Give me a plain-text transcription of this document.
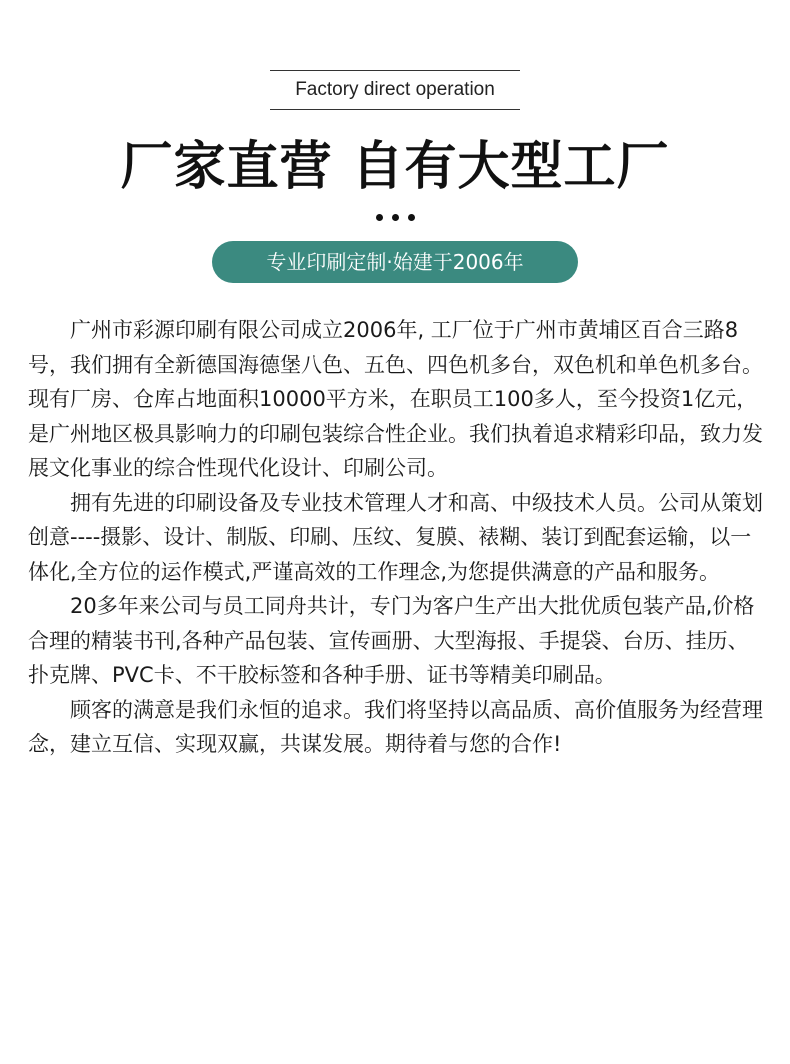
Factory direct operation
厂家直营 自有大型工厂
专业印刷定制·始建于2006年

广州市彩源印刷有限公司成立2006年, 工厂位于广州市黄埔区百合三路8号，我们拥有全新德国海德堡八色、五色、四色机多台，双色机和单色机多台。现有厂房、仓库占地面积10000平方米，在职员工100多人，至今投资1亿元，是广州地区极具影响力的印刷包装综合性企业。我们执着追求精彩印品，致力发展文化事业的综合性现代化设计、印刷公司。

拥有先进的印刷设备及专业技术管理人才和高、中级技术人员。公司从策划创意----摄影、设计、制版、印刷、压纹、复膜、裱糊、装订到配套运输，以一体化,全方位的运作模式,严谨高效的工作理念,为您提供满意的产品和服务。

20多年来公司与员工同舟共计，专门为客户生产出大批优质包装产品,价格合理的精装书刊,各种产品包装、宣传画册、大型海报、手提袋、台历、挂历、扑克牌、PVC卡、不干胶标签和各种手册、证书等精美印刷品。

顾客的满意是我们永恒的追求。我们将坚持以高品质、高价值服务为经营理念，建立互信、实现双赢，共谋发展。期待着与您的合作!
